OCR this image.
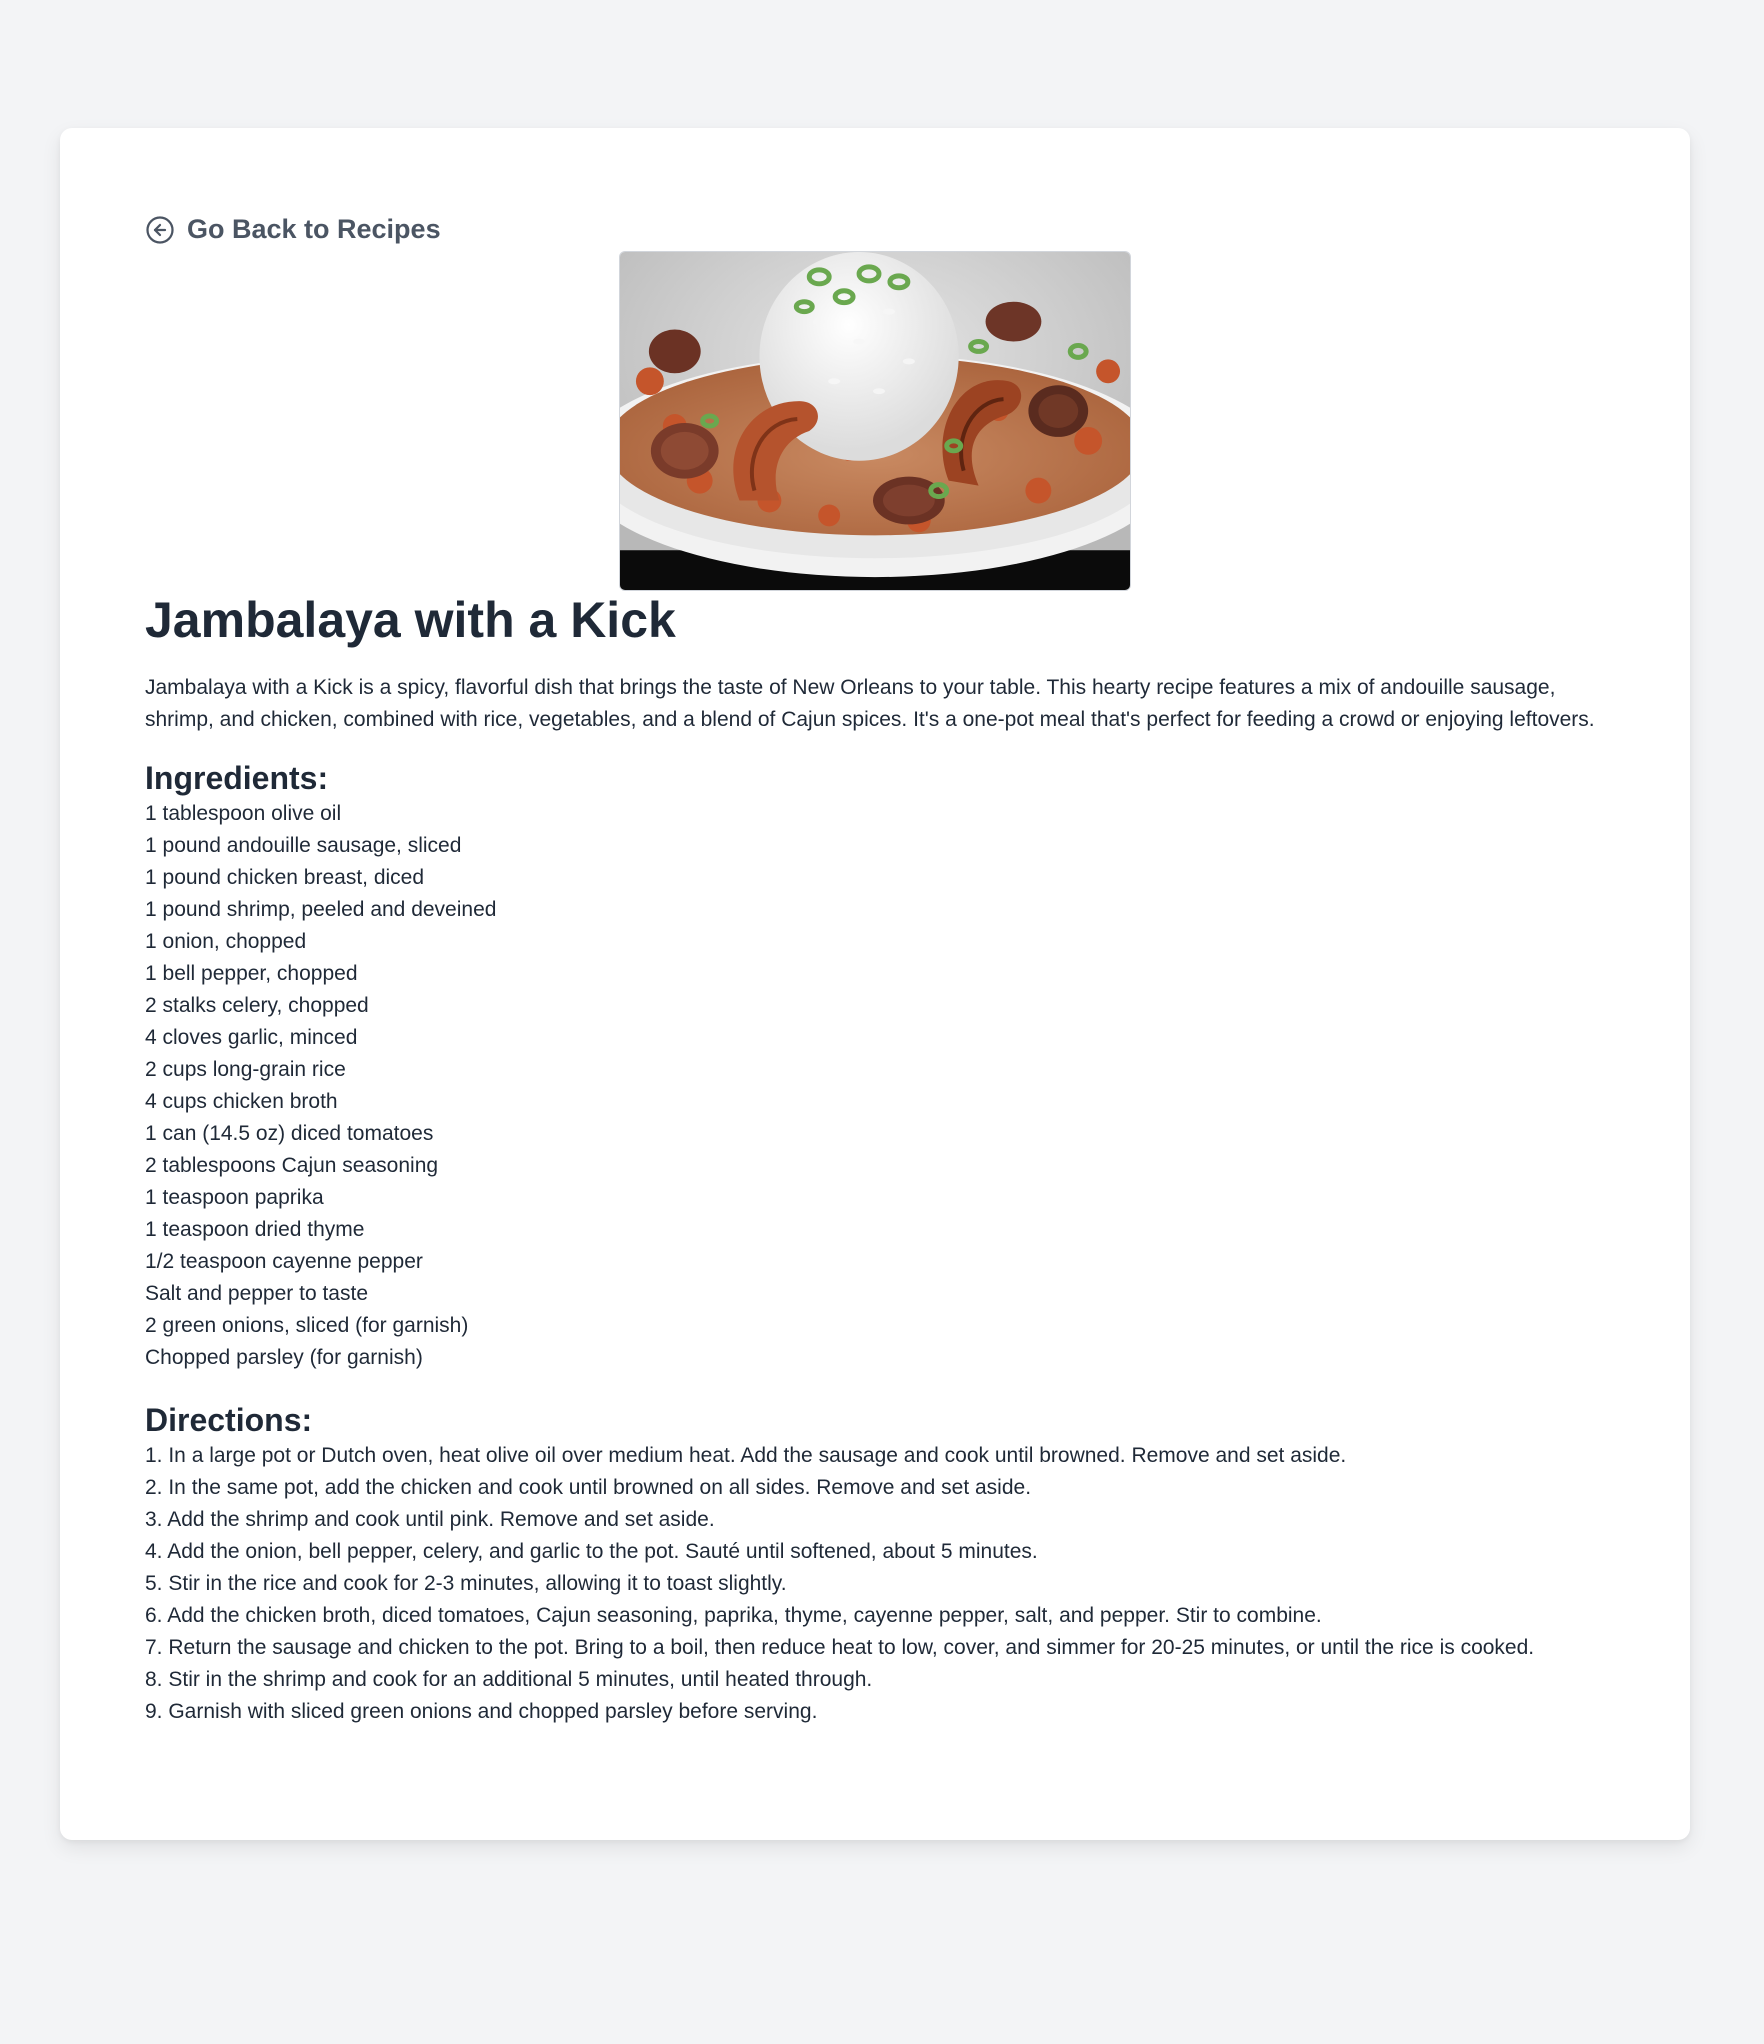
Go Back to Recipes
Jambalaya with a Kick

Jambalaya with a Kick is a spicy, flavorful dish that brings the taste of New Orleans to your table. This hearty recipe features a mix of andouille sausage, shrimp, and chicken, combined with rice, vegetables, and a blend of Cajun spices. It's a one-pot meal that's perfect for feeding a crowd or enjoying leftovers.

Ingredients:
1 tablespoon olive oil
1 pound andouille sausage, sliced
1 pound chicken breast, diced
1 pound shrimp, peeled and deveined
1 onion, chopped
1 bell pepper, chopped
2 stalks celery, chopped
4 cloves garlic, minced
2 cups long-grain rice
4 cups chicken broth
1 can (14.5 oz) diced tomatoes
2 tablespoons Cajun seasoning
1 teaspoon paprika
1 teaspoon dried thyme
1/2 teaspoon cayenne pepper
Salt and pepper to taste
2 green onions, sliced (for garnish)
Chopped parsley (for garnish)
Directions:
1. In a large pot or Dutch oven, heat olive oil over medium heat. Add the sausage and cook until browned. Remove and set aside.
2. In the same pot, add the chicken and cook until browned on all sides. Remove and set aside.
3. Add the shrimp and cook until pink. Remove and set aside.
4. Add the onion, bell pepper, celery, and garlic to the pot. Sauté until softened, about 5 minutes.
5. Stir in the rice and cook for 2-3 minutes, allowing it to toast slightly.
6. Add the chicken broth, diced tomatoes, Cajun seasoning, paprika, thyme, cayenne pepper, salt, and pepper. Stir to combine.
7. Return the sausage and chicken to the pot. Bring to a boil, then reduce heat to low, cover, and simmer for 20-25 minutes, or until the rice is cooked.
8. Stir in the shrimp and cook for an additional 5 minutes, until heated through.
9. Garnish with sliced green onions and chopped parsley before serving.
